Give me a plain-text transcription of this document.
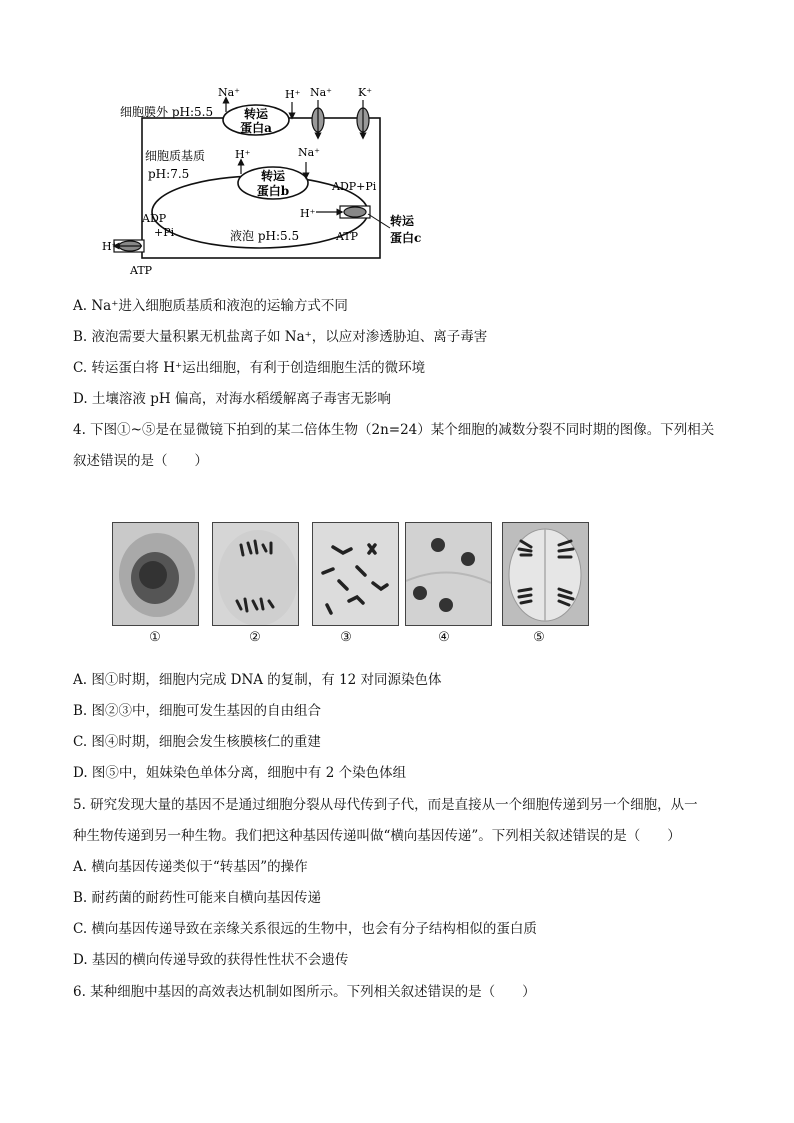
细胞膜外 pH:5.5	转运
蛋白a
Na⁺	H⁺ Na⁺ K⁺
细胞质基质
pH:7.5	转运
蛋白b
H⁺	Na⁺
液泡 pH:5.5
ADP+Pi
H⁺
ATP
转运
蛋白c
ADP
+Pi
H⁺
ATP
A. Na⁺进入细胞质基质和液泡的运输方式不同
B. 液泡需要大量积累无机盐离子如 Na⁺，以应对渗透胁迫、离子毒害
C. 转运蛋白将 H⁺运出细胞，有利于创造细胞生活的微环境
D. 土壤溶液 pH 偏高，对海水稻缓解离子毒害无影响
4. 下图①~⑤是在显微镜下拍到的某二倍体生物（2n=24）某个细胞的减数分裂不同时期的图像。下列相关
叙述错误的是（　　）
①	②	③	④	⑤
A. 图①时期，细胞内完成 DNA 的复制，有 12 对同源染色体
B. 图②③中，细胞可发生基因的自由组合
C. 图④时期，细胞会发生核膜核仁的重建
D. 图⑤中，姐妹染色单体分离，细胞中有 2 个染色体组
5. 研究发现大量的基因不是通过细胞分裂从母代传到子代，而是直接从一个细胞传递到另一个细胞，从一
种生物传递到另一种生物。我们把这种基因传递叫做“横向基因传递”。下列相关叙述错误的是（　　）
A. 横向基因传递类似于“转基因”的操作
B. 耐药菌的耐药性可能来自横向基因传递
C. 横向基因传递导致在亲缘关系很远的生物中，也会有分子结构相似的蛋白质
D. 基因的横向传递导致的获得性性状不会遗传
6. 某种细胞中基因的高效表达机制如图所示。下列相关叙述错误的是（　　）
